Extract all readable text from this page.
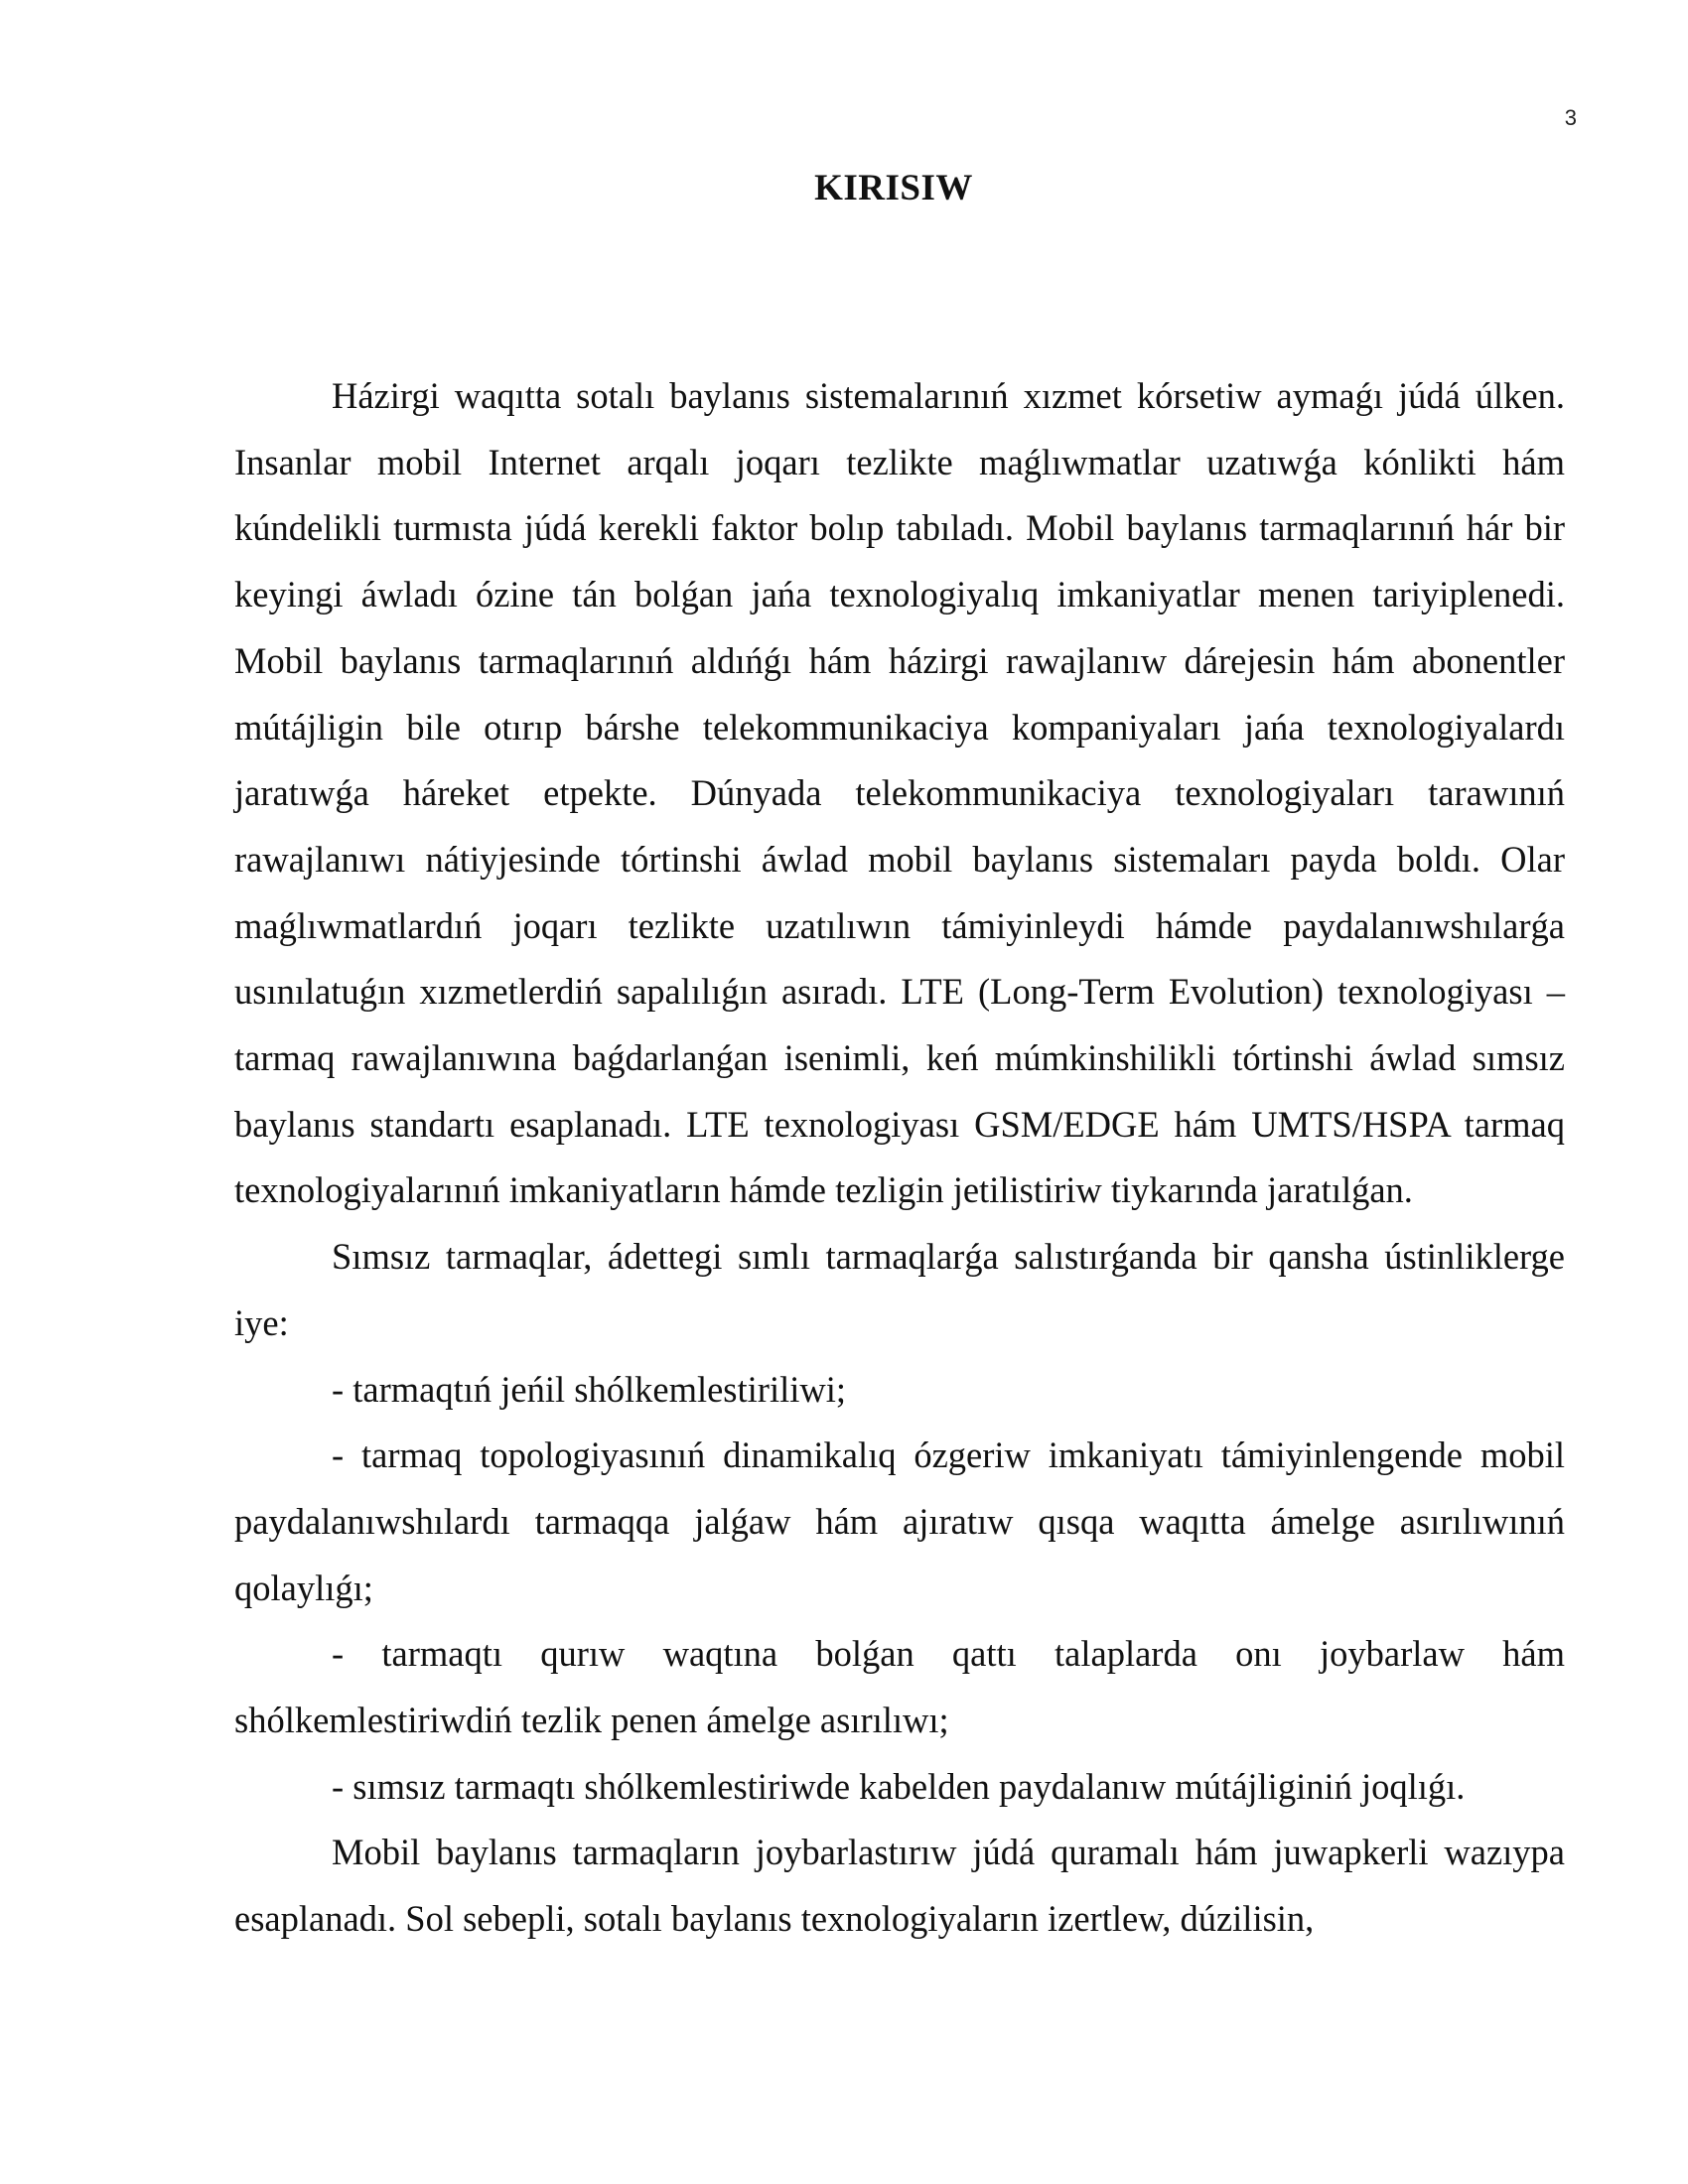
3
KIRISIW

Házirgi waqıtta sotalı baylanıs sistemalarınıń xızmet kórsetiw aymaǵı júdá úlken. Insanlar mobil Internet arqalı joqarı tezlikte maǵlıwmatlar uzatıwǵa kónlikti hám kúndelikli turmısta júdá kerekli faktor bolıp tabıladı. Mobil baylanıs tarmaqlarınıń hár bir keyingi áwladı ózine tán bolǵan jańa texnologiyalıq imkaniyatlar menen tariyiplenedi. Mobil baylanıs tarmaqlarınıń aldıńǵı hám házirgi rawajlanıw dárejesin hám abonentler mútájligin bile otırıp bárshe telekommunikaciya kompaniyaları jańa texnologiyalardı jaratıwǵa háreket etpekte. Dúnyada telekommunikaciya texnologiyaları tarawınıń rawajlanıwı nátiyjesinde tórtinshi áwlad mobil baylanıs sistemaları payda boldı. Olar maǵlıwmatlardıń joqarı tezlikte uzatılıwın támiyinleydi hámde paydalanıwshılarǵa usınılatuǵın xızmetlerdiń sapalılıǵın asıradı. LTE (Long-Term Evolution) texnologiyası – tarmaq rawajlanıwına baǵdarlanǵan isenimli, keń múmkinshilikli tórtinshi áwlad sımsız baylanıs standartı esaplanadı. LTE texnologiyası GSM/EDGE hám UMTS/HSPA tarmaq texnologiyalarınıń imkaniyatların hámde tezligin jetilistiriw tiykarında jaratılǵan.

Sımsız tarmaqlar, ádettegi sımlı tarmaqlarǵa salıstırǵanda bir qansha ústinliklerge iye:

- tarmaqtıń jeńil shólkemlestiriliwi;

- tarmaq topologiyasınıń dinamikalıq ózgeriw imkaniyatı támiyinlengende mobil paydalanıwshılardı tarmaqqa jalǵaw hám ajıratıw qısqa waqıtta ámelge asırılıwınıń qolaylıǵı;

- tarmaqtı qurıw waqtına bolǵan qattı talaplarda onı joybarlaw hám shólkemlestiriwdiń tezlik penen ámelge asırılıwı;

- sımsız tarmaqtı shólkemlestiriwde kabelden paydalanıw mútájliginiń joqlıǵı.

Mobil baylanıs tarmaqların joybarlastırıw júdá quramalı hám juwapkerli wazıypa esaplanadı. Sol sebepli, sotalı baylanıs texnologiyaların izertlew, dúzilisin,
